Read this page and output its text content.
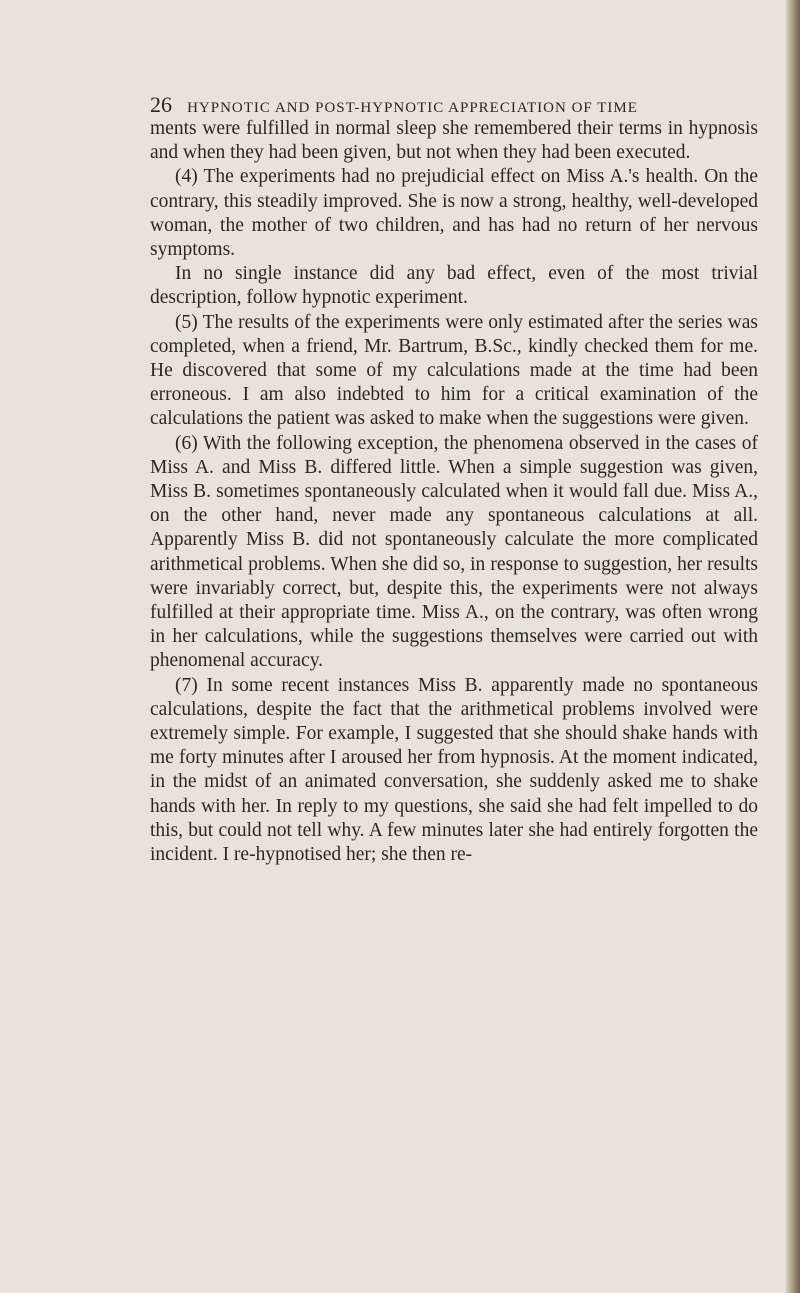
26 HYPNOTIC AND POST-HYPNOTIC APPRECIATION OF TIME

ments were fulfilled in normal sleep she remembered their terms in hypnosis and when they had been given, but not when they had been executed.

(4) The experiments had no prejudicial effect on Miss A.'s health. On the contrary, this steadily improved. She is now a strong, healthy, well-developed woman, the mother of two children, and has had no return of her nervous symptoms.

In no single instance did any bad effect, even of the most trivial description, follow hypnotic experiment.

(5) The results of the experiments were only estimated after the series was completed, when a friend, Mr. Bartrum, B.Sc., kindly checked them for me. He discovered that some of my calculations made at the time had been erroneous. I am also indebted to him for a critical examination of the calculations the patient was asked to make when the suggestions were given.

(6) With the following exception, the phenomena observed in the cases of Miss A. and Miss B. differed little. When a simple suggestion was given, Miss B. sometimes spontaneously calculated when it would fall due. Miss A., on the other hand, never made any spontaneous calculations at all. Apparently Miss B. did not spontaneously calculate the more complicated arithmetical problems. When she did so, in response to suggestion, her results were invariably correct, but, despite this, the experiments were not always fulfilled at their appropriate time. Miss A., on the contrary, was often wrong in her calculations, while the suggestions themselves were carried out with phenomenal accuracy.

(7) In some recent instances Miss B. apparently made no spontaneous calculations, despite the fact that the arithmetical problems involved were extremely simple. For example, I suggested that she should shake hands with me forty minutes after I aroused her from hypnosis. At the moment indicated, in the midst of an animated conversation, she suddenly asked me to shake hands with her. In reply to my questions, she said she had felt impelled to do this, but could not tell why. A few minutes later she had entirely forgotten the incident. I re-hypnotised her; she then re-
